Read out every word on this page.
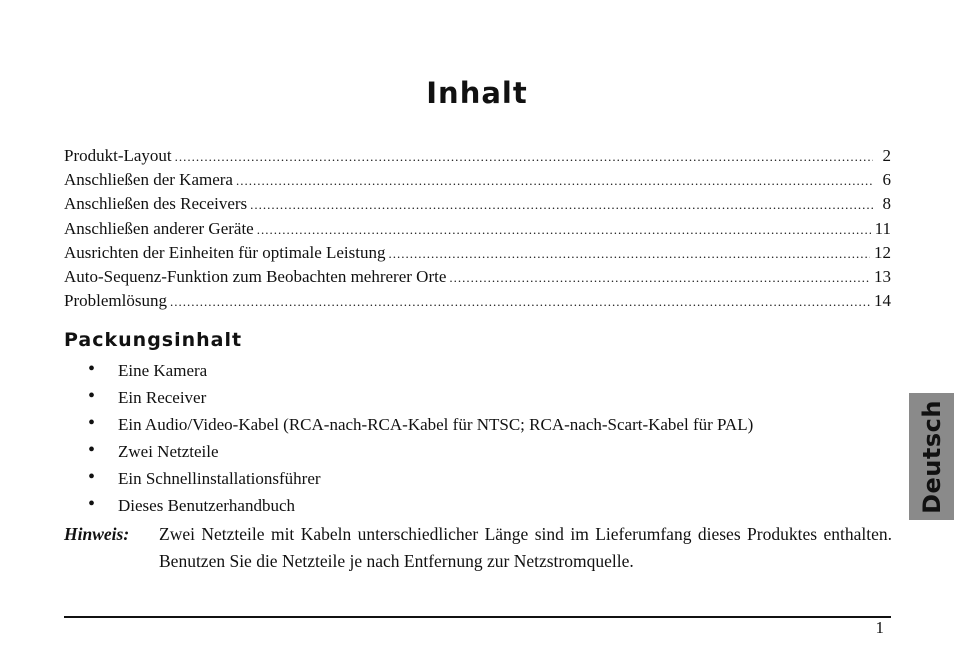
Inhalt
Produkt-Layout .....	2
Anschließen der Kamera .....	6
Anschließen des Receivers .....	8
Anschließen anderer Geräte .....	11
Ausrichten der Einheiten für optimale Leistung .....	12
Auto-Sequenz-Funktion zum Beobachten mehrerer Orte .....	13
Problemlösung .....	14
Packungsinhalt
•	Eine Kamera
•	Ein Receiver
•	Ein Audio/Video-Kabel (RCA-nach-RCA-Kabel für NTSC; RCA-nach-Scart-Kabel für PAL)
•	Zwei Netzteile
•	Ein Schnellinstallationsführer
•	Dieses Benutzerhandbuch
Hinweis: Zwei Netzteile mit Kabeln unterschiedlicher Länge sind im Lieferumfang dieses Produktes enthalten. Benutzen Sie die Netzteile je nach Entfernung zur Netzstromquelle.
1
Deutsch
